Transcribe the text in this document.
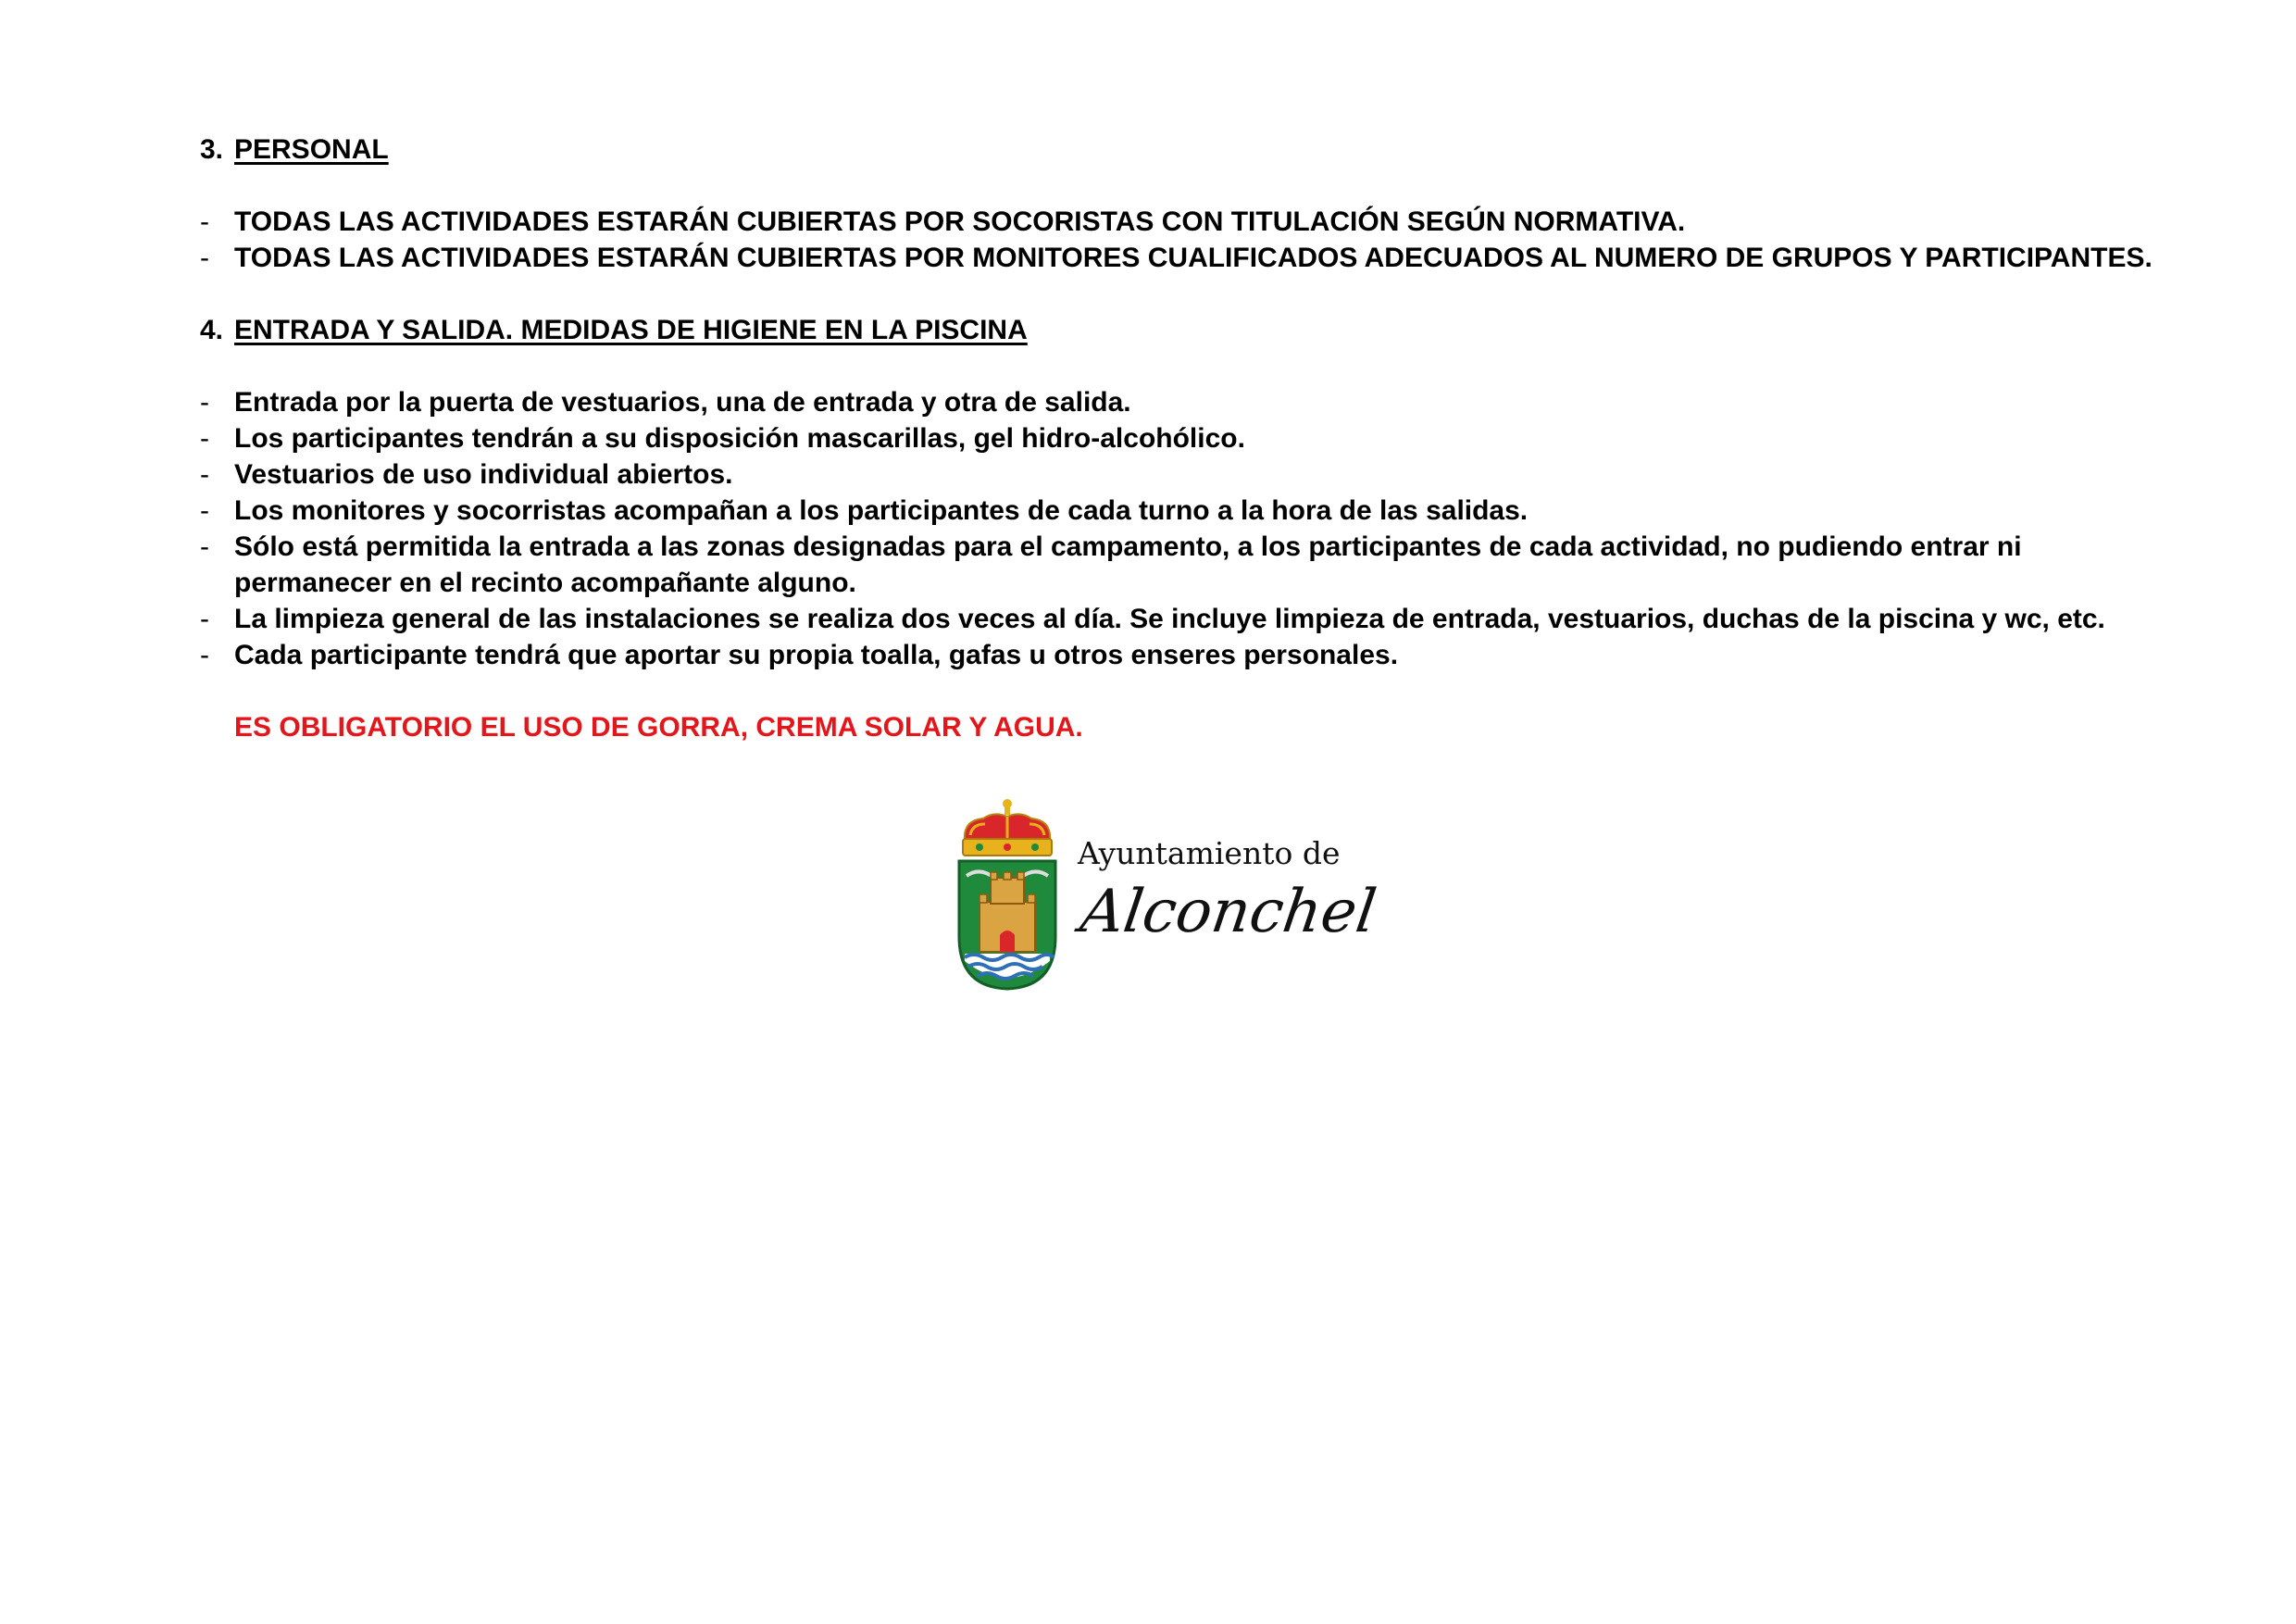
3. PERSONAL
- TODAS LAS ACTIVIDADES ESTARÁN CUBIERTAS POR SOCORISTAS CON TITULACIÓN SEGÚN NORMATIVA.
- TODAS LAS ACTIVIDADES ESTARÁN CUBIERTAS POR MONITORES CUALIFICADOS ADECUADOS AL NUMERO DE GRUPOS Y PARTICIPANTES.
4. ENTRADA Y SALIDA. MEDIDAS DE HIGIENE EN LA PISCINA
- Entrada por la puerta de vestuarios, una de entrada y otra de salida.
- Los participantes tendrán a su disposición mascarillas, gel hidro-alcohólico.
- Vestuarios de uso individual abiertos.
- Los monitores y socorristas acompañan a los participantes de cada turno a la hora de las salidas.
- Sólo está permitida la entrada a las zonas designadas para el campamento, a los participantes de cada actividad, no pudiendo entrar ni permanecer en el recinto acompañante alguno.
- La limpieza general de las instalaciones se realiza dos veces al día. Se incluye limpieza de entrada, vestuarios, duchas de la piscina y wc, etc.
- Cada participante tendrá que aportar su propia toalla, gafas u otros enseres personales.
ES OBLIGATORIO EL USO DE GORRA, CREMA SOLAR Y AGUA.
Ayuntamiento de
Alconchel
